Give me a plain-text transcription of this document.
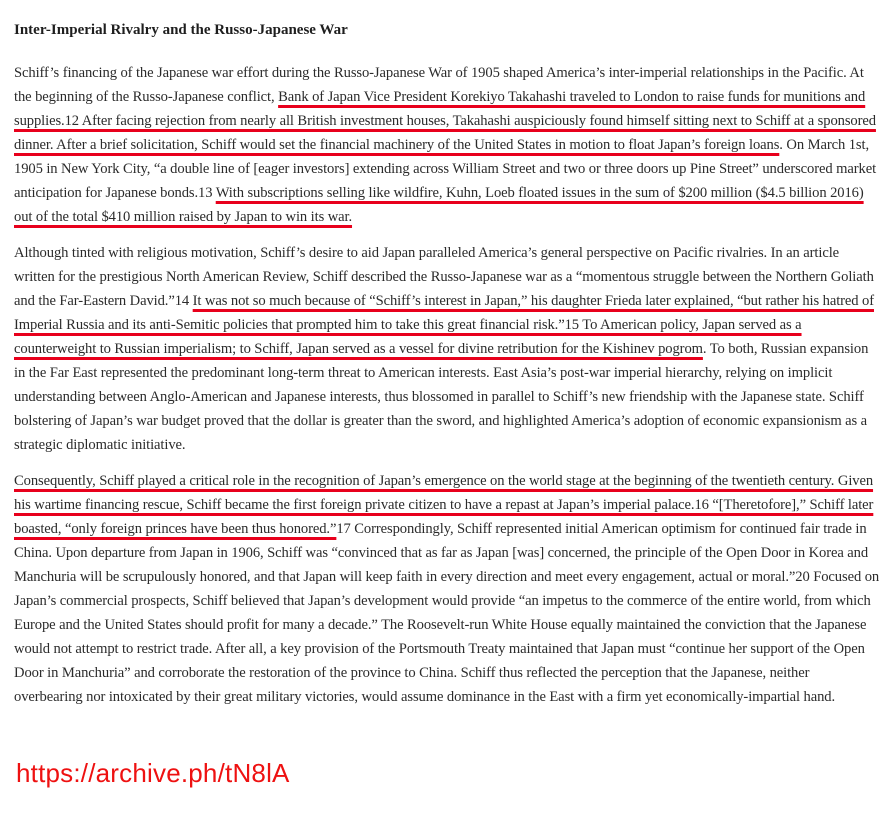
Inter-Imperial Rivalry and the Russo-Japanese War

Schiff’s financing of the Japanese war effort during the Russo-Japanese War of 1905 shaped America’s inter-imperial relationships in the Pacific. At the beginning of the Russo-Japanese conflict, Bank of Japan Vice President Korekiyo Takahashi traveled to London to raise funds for munitions and supplies.12 After facing rejection from nearly all British investment houses, Takahashi auspiciously found himself sitting next to Schiff at a sponsored dinner. After a brief solicitation, Schiff would set the financial machinery of the United States in motion to float Japan’s foreign loans. On March 1st, 1905 in New York City, “a double line of [eager investors] extending across William Street and two or three doors up Pine Street” underscored market anticipation for Japanese bonds.13 With subscriptions selling like wildfire, Kuhn, Loeb floated issues in the sum of $200 million ($4.5 billion 2016) out of the total $410 million raised by Japan to win its war.

Although tinted with religious motivation, Schiff’s desire to aid Japan paralleled America’s general perspective on Pacific rivalries. In an article written for the prestigious North American Review, Schiff described the Russo-Japanese war as a “momentous struggle between the Northern Goliath and the Far-Eastern David.”14 It was not so much because of “Schiff’s interest in Japan,” his daughter Frieda later explained, “but rather his hatred of Imperial Russia and its anti-Semitic policies that prompted him to take this great financial risk.”15 To American policy, Japan served as a counterweight to Russian imperialism; to Schiff, Japan served as a vessel for divine retribution for the Kishinev pogrom. To both, Russian expansion in the Far East represented the predominant long-term threat to American interests. East Asia’s post-war imperial hierarchy, relying on implicit understanding between Anglo-American and Japanese interests, thus blossomed in parallel to Schiff’s new friendship with the Japanese state. Schiff bolstering of Japan’s war budget proved that the dollar is greater than the sword, and highlighted America’s adoption of economic expansionism as a strategic diplomatic initiative.

Consequently, Schiff played a critical role in the recognition of Japan’s emergence on the world stage at the beginning of the twentieth century. Given his wartime financing rescue, Schiff became the first foreign private citizen to have a repast at Japan’s imperial palace.16 “[Theretofore],” Schiff later boasted, “only foreign princes have been thus honored.”17 Correspondingly, Schiff represented initial American optimism for continued fair trade in China. Upon departure from Japan in 1906, Schiff was “convinced that as far as Japan [was] concerned, the principle of the Open Door in Korea and Manchuria will be scrupulously honored, and that Japan will keep faith in every direction and meet every engagement, actual or moral.”20 Focused on Japan’s commercial prospects, Schiff believed that Japan’s development would provide “an impetus to the commerce of the entire world, from which Europe and the United States should profit for many a decade.” The Roosevelt-run White House equally maintained the conviction that the Japanese would not attempt to restrict trade. After all, a key provision of the Portsmouth Treaty maintained that Japan must “continue her support of the Open Door in Manchuria” and corroborate the restoration of the province to China. Schiff thus reflected the perception that the Japanese, neither overbearing nor intoxicated by their great military victories, would assume dominance in the East with a firm yet economically-impartial hand.

https://archive.ph/tN8lA
